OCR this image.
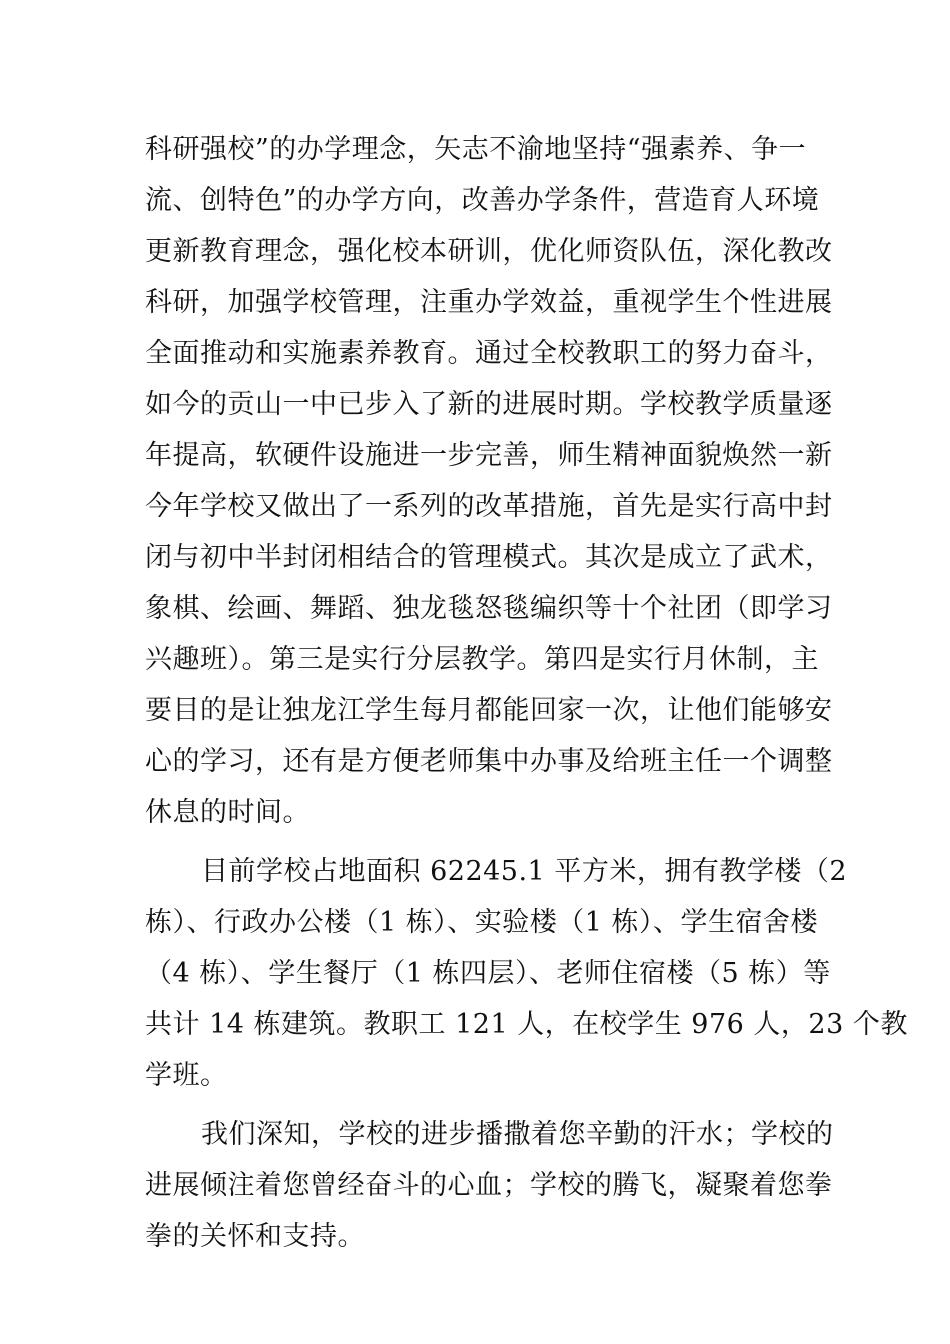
科研强校”的办学理念，矢志不渝地坚持“强素养、争一
流、创特色”的办学方向，改善办学条件，营造育人环境
更新教育理念，强化校本研训，优化师资队伍，深化教改
科研，加强学校管理，注重办学效益，重视学生个性进展
全面推动和实施素养教育。通过全校教职工的努力奋斗，
如今的贡山一中已步入了新的进展时期。学校教学质量逐
年提高，软硬件设施进一步完善，师生精神面貌焕然一新
今年学校又做出了一系列的改革措施，首先是实行高中封
闭与初中半封闭相结合的管理模式。其次是成立了武术，
象棋、绘画、舞蹈、独龙毯怒毯编织等十个社团（即学习
兴趣班）。第三是实行分层教学。第四是实行月休制，主
要目的是让独龙江学生每月都能回家一次，让他们能够安
心的学习，还有是方便老师集中办事及给班主任一个调整
休息的时间。
目前学校占地面积 62245.1 平方米，拥有教学楼（2
栋）、行政办公楼（1 栋）、实验楼（1 栋）、学生宿舍楼
（4 栋）、学生餐厅（1 栋四层）、老师住宿楼（5 栋）等
共计 14 栋建筑。教职工 121 人，在校学生 976 人，23 个教
学班。
我们深知，学校的进步播撒着您辛勤的汗水；学校的
进展倾注着您曾经奋斗的心血；学校的腾飞，凝聚着您拳
拳的关怀和支持。
